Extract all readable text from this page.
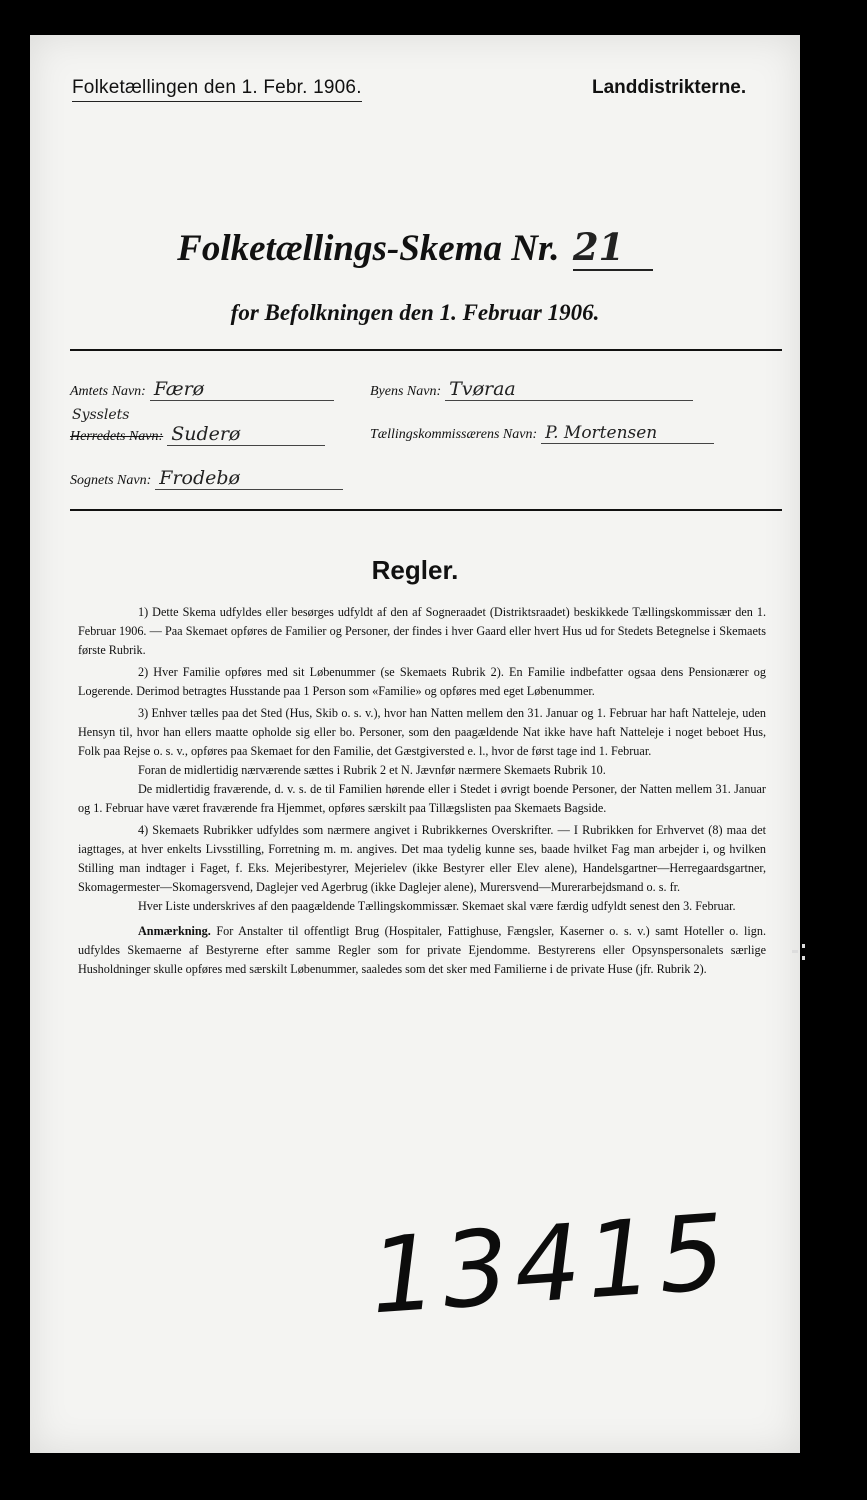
Folketællingen den 1. Febr. 1906.	Landdistrikterne.
Folketællings-Skema Nr. 21
for Befolkningen den 1. Februar 1906.
Amtets Navn: Færø	Byens Navn: Tvøraa
Sysslets
Herredets Navn: Suderø	Tællingskommissærens Navn: P. Mortensen
Sognets Navn: Frodebø
Regler.

1) Dette Skema udfyldes eller besørges udfyldt af den af Sogneraadet (Distriktsraadet) beskikkede Tællingskommissær den 1. Februar 1906. — Paa Skemaet opføres de Familier og Personer, der findes i hver Gaard eller hvert Hus ud for Stedets Betegnelse i Skemaets første Rubrik.

2) Hver Familie opføres med sit Løbenummer (se Skemaets Rubrik 2). En Familie indbefatter ogsaa dens Pensionærer og Logerende. Derimod betragtes Husstande paa 1 Person som «Familie» og opføres med eget Løbenummer.

3) Enhver tælles paa det Sted (Hus, Skib o. s. v.), hvor han Natten mellem den 31. Januar og 1. Februar har haft Natteleje, uden Hensyn til, hvor han ellers maatte opholde sig eller bo. Personer, som den paagældende Nat ikke have haft Natteleje i noget beboet Hus, Folk paa Rejse o. s. v., opføres paa Skemaet for den Familie, det Gæstgiversted e. l., hvor de først tage ind 1. Februar.

Foran de midlertidig nærværende sættes i Rubrik 2 et N. Jævnfør nærmere Skemaets Rubrik 10.

De midlertidig fraværende, d. v. s. de til Familien hørende eller i Stedet i øvrigt boende Personer, der Natten mellem 31. Januar og 1. Februar have været fraværende fra Hjemmet, opføres særskilt paa Tillægslisten paa Skemaets Bagside.

4) Skemaets Rubrikker udfyldes som nærmere angivet i Rubrikkernes Overskrifter. — I Rubrikken for Erhvervet (8) maa det iagttages, at hver enkelts Livsstilling, Forretning m. m. angives. Det maa tydelig kunne ses, baade hvilket Fag man arbejder i, og hvilken Stilling man indtager i Faget, f. Eks. Mejeribestyrer, Mejerielev (ikke Bestyrer eller Elev alene), Handelsgartner—Herregaardsgartner, Skomagermester—Skomagersvend, Daglejer ved Agerbrug (ikke Daglejer alene), Murersvend—Murerarbejdsmand o. s. fr.

Hver Liste underskrives af den paagældende Tællingskommissær. Skemaet skal være færdig udfyldt senest den 3. Februar.

Anmærkning. For Anstalter til offentligt Brug (Hospitaler, Fattighuse, Fængsler, Kaserner o. s. v.) samt Hoteller o. lign. udfyldes Skemaerne af Bestyrerne efter samme Regler som for private Ejendomme. Bestyrerens eller Opsynspersonalets særlige Husholdninger skulle opføres med særskilt Løbenummer, saaledes som det sker med Familierne i de private Huse (jfr. Rubrik 2).

13415
